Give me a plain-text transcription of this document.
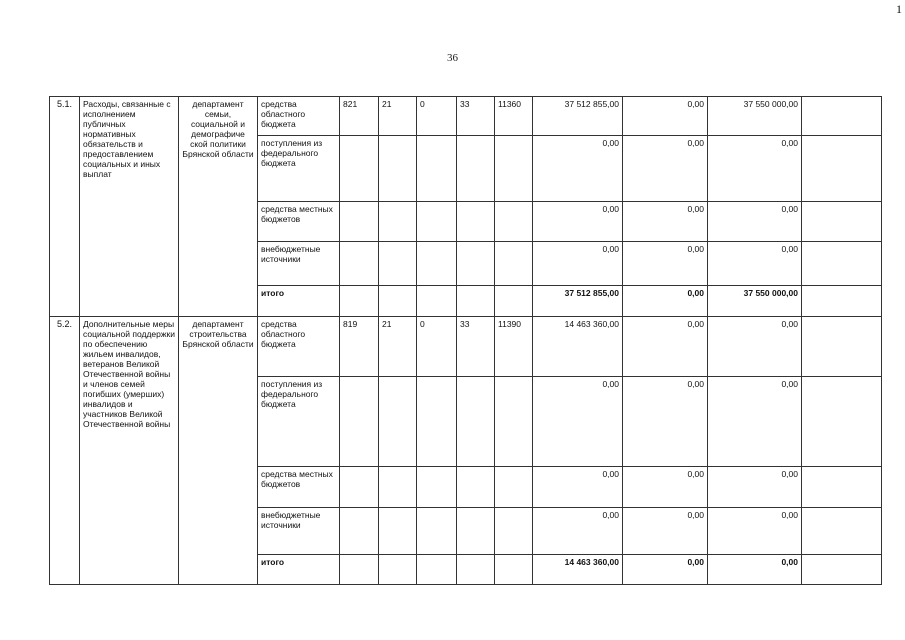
1
36
5.1.	Расходы, связанные с исполнением публичных нормативных обязательств и предоставлением социальных и иных выплат	департамент семьи, социальной и демографиче ской политики Брянской области	средства областного бюджета	821	21	0	33	11360	37 512 855,00	0,00	37 550 000,00	
			поступления из федерального бюджета						0,00	0,00	0,00	
			средства местных бюджетов						0,00	0,00	0,00	
			внебюджетные источники						0,00	0,00	0,00	
			итого						37 512 855,00	0,00	37 550 000,00	
5.2.	Дополнительные меры социальной поддержки по обеспечению жильем инвалидов, ветеранов Великой Отечественной войны и членов семей погибших (умерших) инвалидов и участников Великой Отечественной войны	департамент строительства Брянской области	средства областного бюджета	819	21	0	33	11390	14 463 360,00	0,00	0,00	
			поступления из федерального бюджета						0,00	0,00	0,00	
			средства местных бюджетов						0,00	0,00	0,00	
			внебюджетные источники						0,00	0,00	0,00	
			итого						14 463 360,00	0,00	0,00	
